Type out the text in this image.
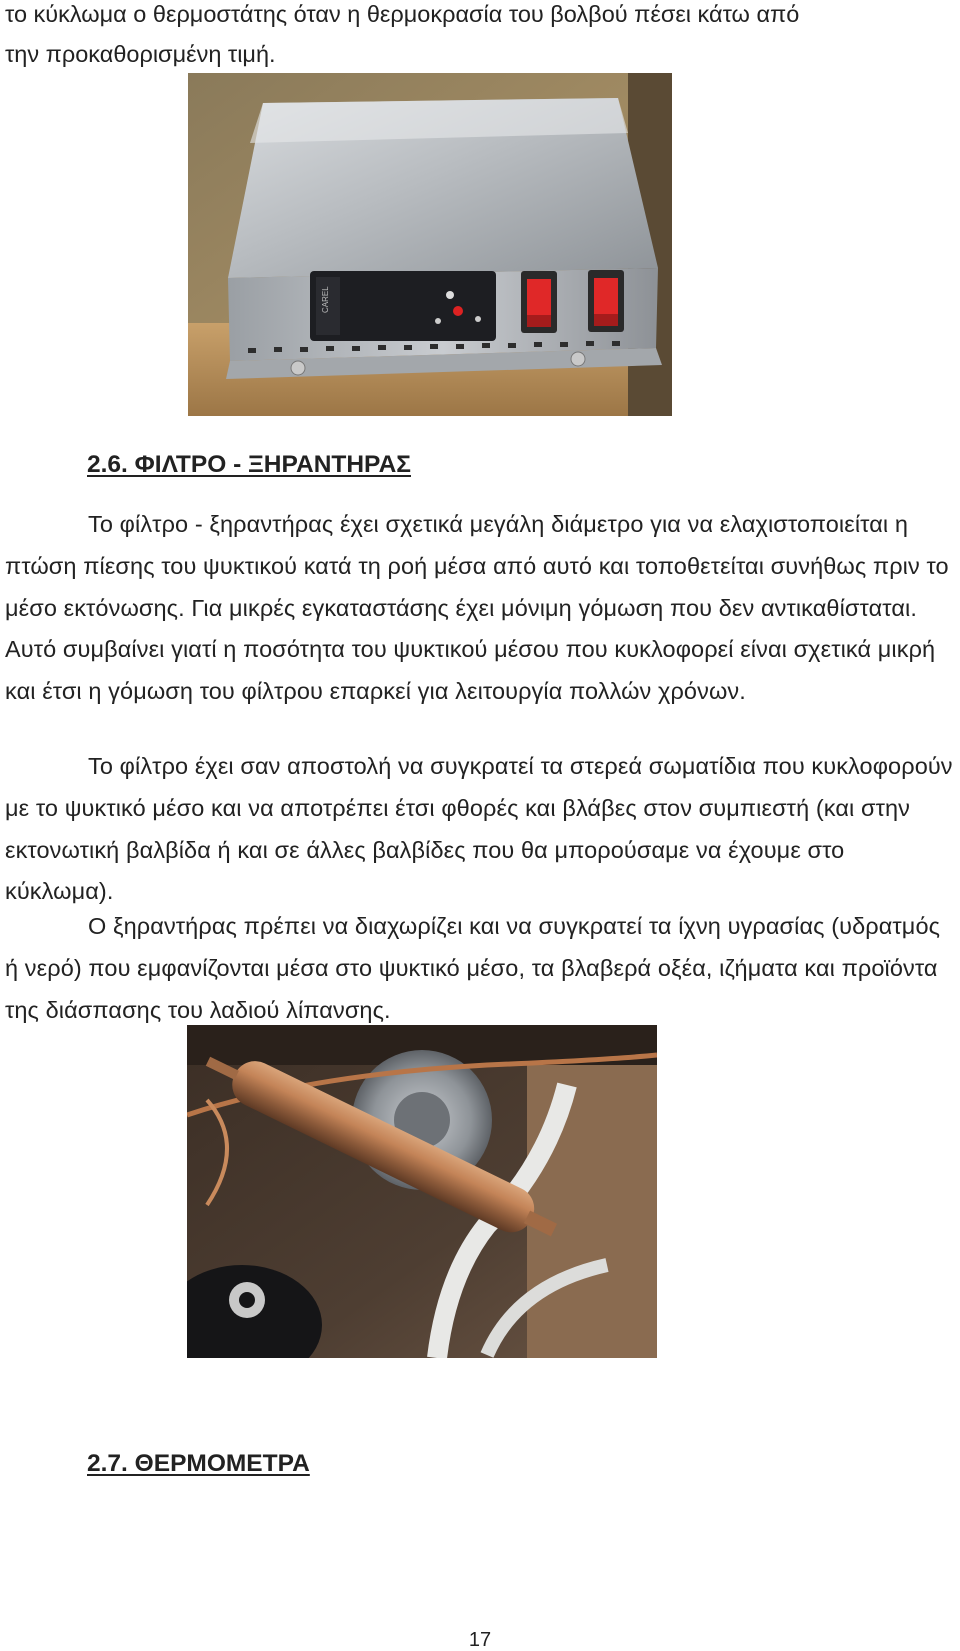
το κύκλωμα ο θερμοστάτης όταν η θερμοκρασία του βολβού πέσει κάτω από

την προκαθορισμένη τιμή.

CAREL
2.6. ΦΙΛΤΡΟ - ΞΗΡΑΝΤΗΡΑΣ

Το φίλτρο - ξηραντήρας έχει σχετικά μεγάλη διάμετρο για να ελαχιστοποιείται η πτώση πίεσης του ψυκτικού κατά τη ροή μέσα από αυτό και τοποθετείται συνήθως πριν το μέσο εκτόνωσης. Για μικρές εγκαταστάσης έχει μόνιμη γόμωση που δεν αντικαθίσταται. Αυτό συμβαίνει γιατί η ποσότητα του ψυκτικού μέσου που κυκλοφορεί είναι σχετικά μικρή και έτσι η γόμωση του φίλτρου επαρκεί για λειτουργία πολλών χρόνων.

Το φίλτρο έχει σαν αποστολή να συγκρατεί τα στερεά σωματίδια που κυκλοφορούν με το ψυκτικό μέσο και να αποτρέπει έτσι φθορές και βλάβες στον συμπιεστή (και στην εκτονωτική βαλβίδα ή και σε άλλες βαλβίδες που θα μπορούσαμε να έχουμε στο κύκλωμα).

Ο ξηραντήρας πρέπει να διαχωρίζει και να συγκρατεί τα ίχνη υγρασίας (υδρατμός ή νερό) που εμφανίζονται μέσα στο ψυκτικό μέσο, τα βλαβερά οξέα, ιζήματα και προϊόντα της διάσπασης του λαδιού λίπανσης.

2.7. ΘΕΡΜΟΜΕΤΡΑ
17
